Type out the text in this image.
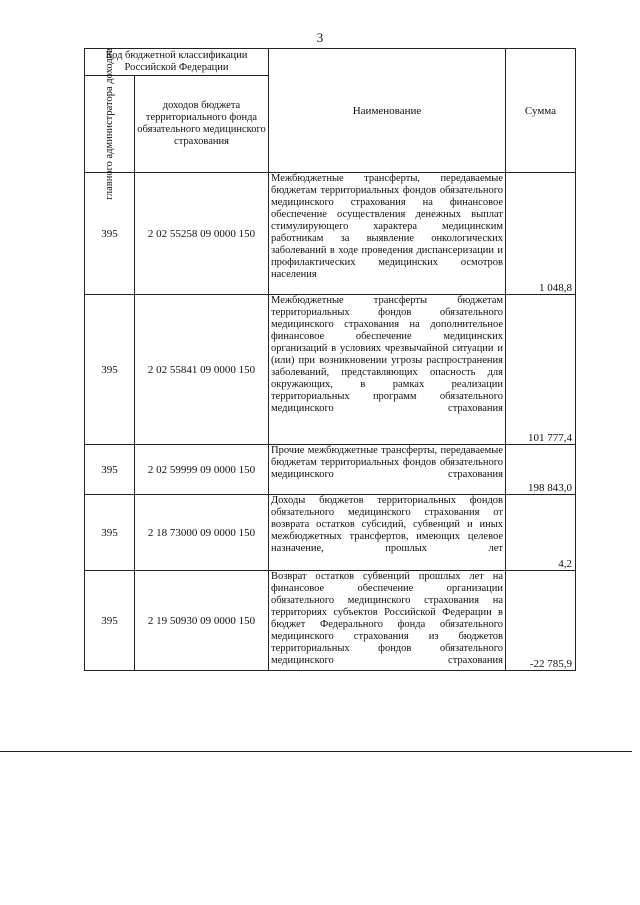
3
Код бюджетной классификации Российской Федерации		Наименование	Сумма

главного администратора доходов	доходов бюджета территориального фонда обязательного медицинского страхования		
395	2 02 55258 09 0000 150	Межбюджетные трансферты, передаваемые бюджетам территориальных фондов обязательного медицинского страхования на финансовое обеспечение осуществления денежных выплат стимулирующего характера медицинским работникам за выявление онкологических заболеваний в ходе проведения диспансеризации и профилактических медицинских осмотров населения	1 048,8
395	2 02 55841 09 0000 150	Межбюджетные трансферты бюджетам территориальных фондов обязательного медицинского страхования на дополнительное финансовое обеспечение медицинских организаций в условиях чрезвычайной ситуации и (или) при возникновении угрозы распространения заболеваний, представляющих опасность для окружающих, в рамках реализации территориальных программ обязательного медицинского страхования	101 777,4
395	2 02 59999 09 0000 150	Прочие межбюджетные трансферты, передаваемые бюджетам территориальных фондов обязательного медицинского страхования	198 843,0
395	2 18 73000 09 0000 150	Доходы бюджетов территориальных фондов обязательного медицинского страхования от возврата остатков субсидий, субвенций и иных межбюджетных трансфертов, имеющих целевое назначение, прошлых лет	4,2
395	2 19 50930 09 0000 150	Возврат остатков субвенций прошлых лет на финансовое обеспечение организации обязательного медицинского страхования на территориях субъектов Российской Федерации в бюджет Федерального фонда обязательного медицинского страхования из бюджетов территориальных фондов обязательного медицинского страхования	-22 785,9
